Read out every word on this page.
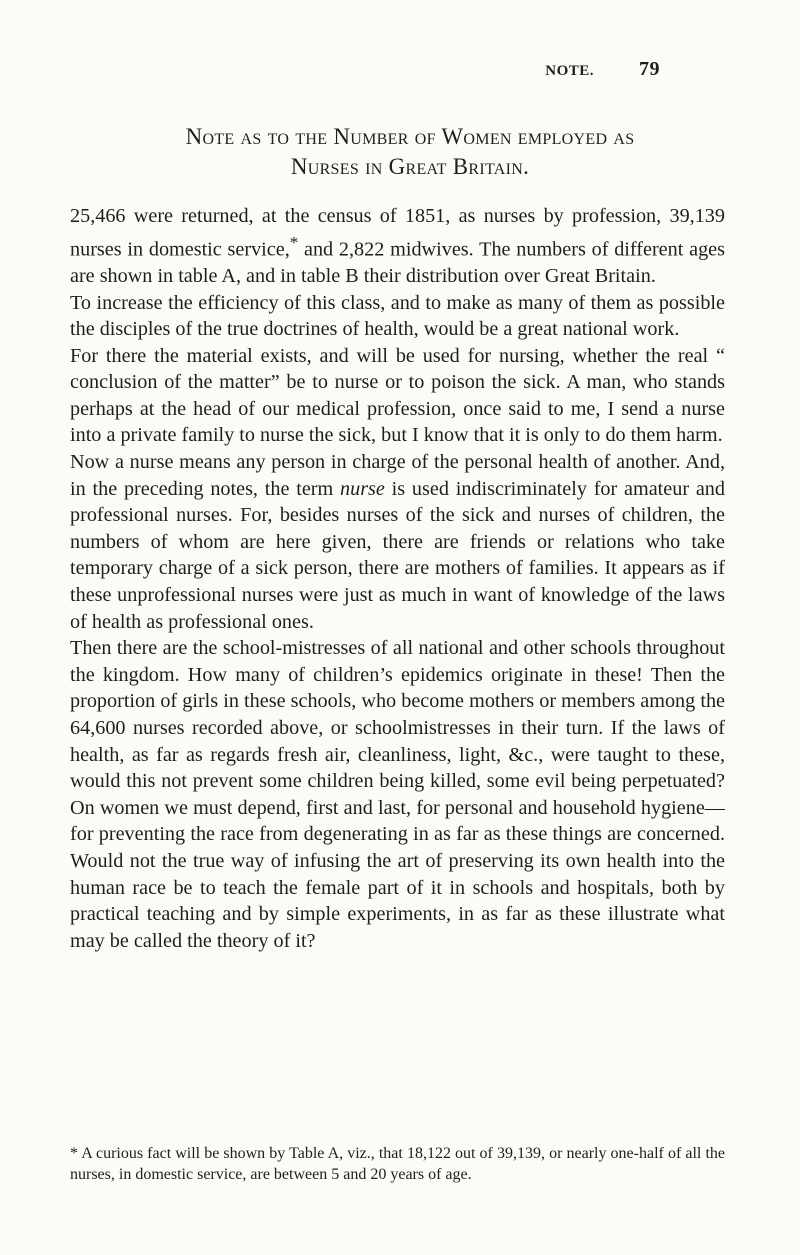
NOTE. 79
Note as to the Number of Women employed as
Nurses in Great Britain.

25,466 were returned, at the census of 1851, as nurses by profession, 39,139 nurses in domestic service,* and 2,822 midwives. The numbers of different ages are shown in table A, and in table B their distribution over Great Britain.

To increase the efficiency of this class, and to make as many of them as possible the disciples of the true doctrines of health, would be a great national work.

For there the material exists, and will be used for nursing, whether the real “ conclusion of the matter” be to nurse or to poison the sick. A man, who stands perhaps at the head of our medical profession, once said to me, I send a nurse into a private family to nurse the sick, but I know that it is only to do them harm.

Now a nurse means any person in charge of the personal health of another. And, in the preceding notes, the term nurse is used indiscriminately for amateur and professional nurses. For, besides nurses of the sick and nurses of children, the numbers of whom are here given, there are friends or relations who take temporary charge of a sick person, there are mothers of families. It appears as if these unprofessional nurses were just as much in want of knowledge of the laws of health as professional ones.

Then there are the school-mistresses of all national and other schools throughout the kingdom. How many of children’s epidemics originate in these! Then the proportion of girls in these schools, who become mothers or members among the 64,600 nurses recorded above, or schoolmistresses in their turn. If the laws of health, as far as regards fresh air, cleanliness, light, &c., were taught to these, would this not prevent some children being killed, some evil being perpetuated? On women we must depend, first and last, for personal and household hygiene—for preventing the race from degenerating in as far as these things are concerned. Would not the true way of infusing the art of preserving its own health into the human race be to teach the female part of it in schools and hospitals, both by practical teaching and by simple experiments, in as far as these illustrate what may be called the theory of it?

* A curious fact will be shown by Table A, viz., that 18,122 out of 39,139, or nearly one-half of all the nurses, in domestic service, are between 5 and 20 years of age.
